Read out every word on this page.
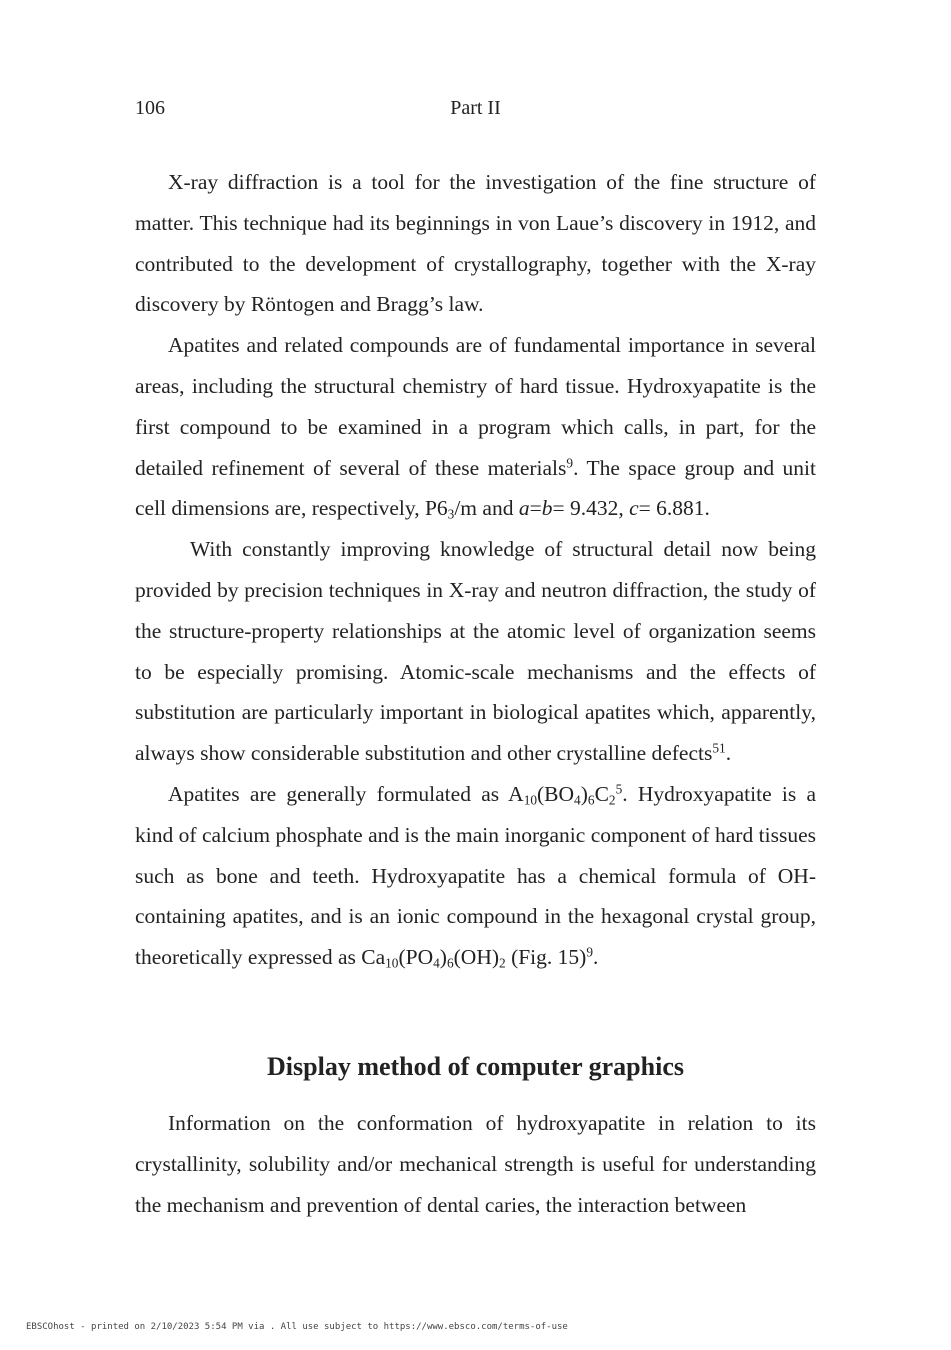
106	Part II

X-ray diffraction is a tool for the investigation of the fine structure of matter. This technique had its beginnings in von Laue’s discovery in 1912, and contributed to the development of crystallography, together with the X-ray discovery by Röntogen and Bragg’s law.

Apatites and related compounds are of fundamental importance in several areas, including the structural chemistry of hard tissue. Hydroxyapatite is the first compound to be examined in a program which calls, in part, for the detailed refinement of several of these materials$^9$. The space group and unit cell dimensions are, respectively, $P6_3/m$ and a=b= 9.432, c= 6.881.

With constantly improving knowledge of structural detail now being provided by precision techniques in X-ray and neutron diffraction, the study of the structure-property relationships at the atomic level of organization seems to be especially promising. Atomic-scale mechanisms and the effects of substitution are particularly important in biological apatites which, apparently, always show considerable substitution and other crystalline defects$^{51}$.

Apatites are generally formulated as $A_{10}(BO_4)_6C_2^5$. Hydroxyapatite is a kind of calcium phosphate and is the main inorganic component of hard tissues such as bone and teeth. Hydroxyapatite has a chemical formula of OH-containing apatites, and is an ionic compound in the hexagonal crystal group, theoretically expressed as $Ca_{10}(PO_4)_6(OH)_2$ (Fig. 15)$^9$.

Display method of computer graphics

Information on the conformation of hydroxyapatite in relation to its crystallinity, solubility and/or mechanical strength is useful for understanding the mechanism and prevention of dental caries, the interaction between

EBSCOhost - printed on 2/10/2023 5:54 PM via . All use subject to https://www.ebsco.com/terms-of-use
